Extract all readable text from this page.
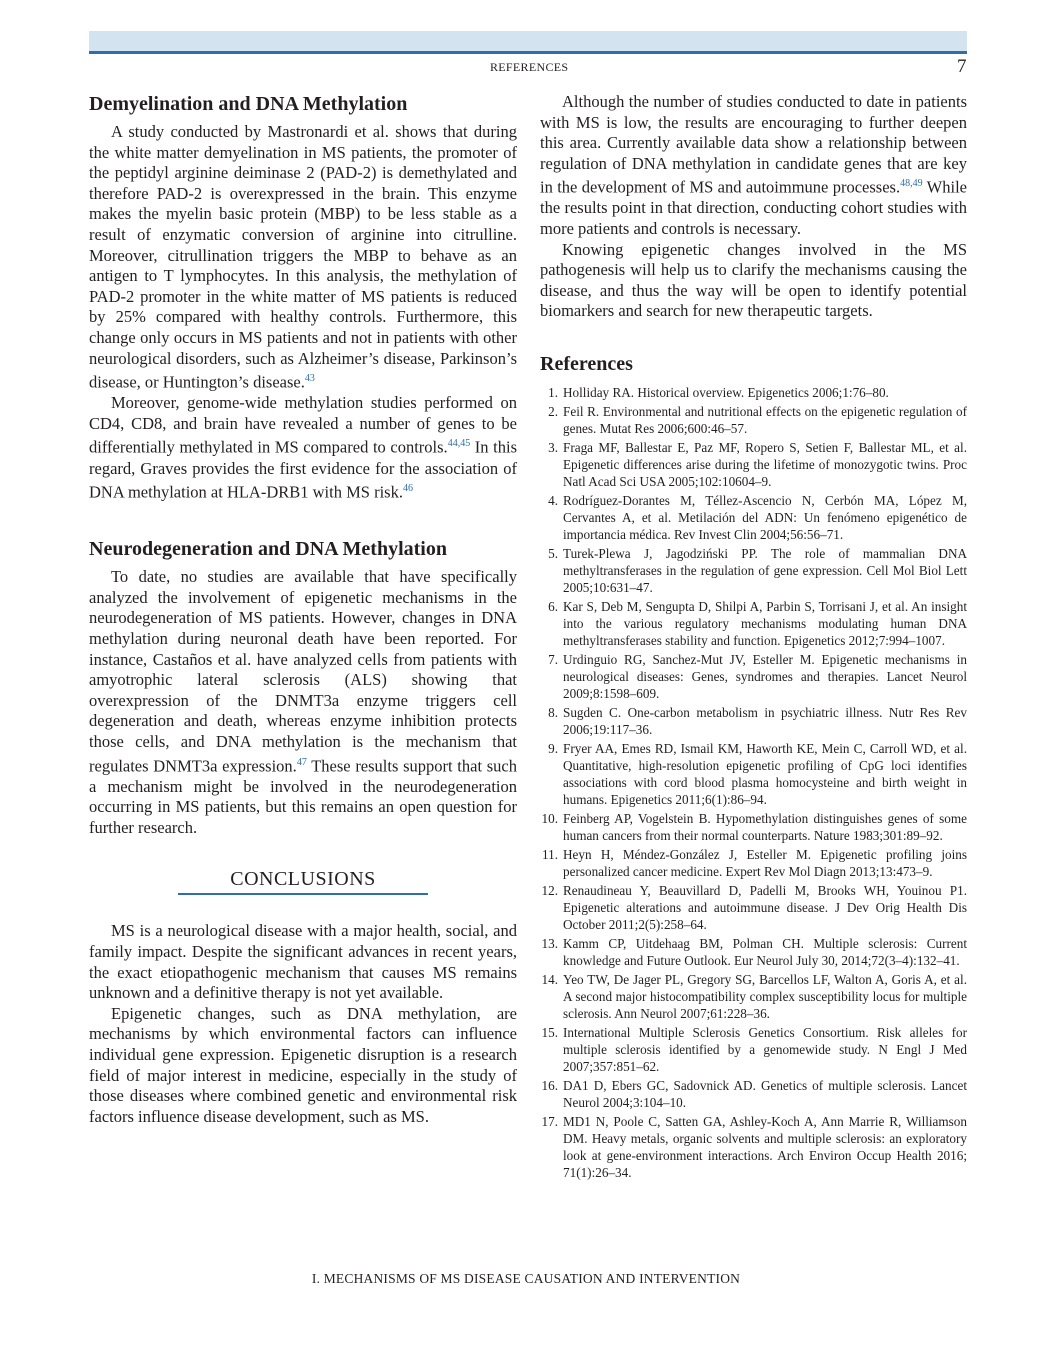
REFERENCES	7
Demyelination and DNA Methylation

A study conducted by Mastronardi et al. shows that during the white matter demyelination in MS patients, the promoter of the peptidyl arginine deiminase 2 (PAD-2) is demethylated and therefore PAD-2 is overexpressed in the brain. This enzyme makes the myelin basic protein (MBP) to be less stable as a result of enzymatic conversion of arginine into citrulline. Moreover, citrullination triggers the MBP to behave as an antigen to T lymphocytes. In this analysis, the methylation of PAD-2 promoter in the white matter of MS patients is reduced by 25% compared with healthy controls. Furthermore, this change only occurs in MS patients and not in patients with other neurological disorders, such as Alzheimer’s disease, Parkinson’s disease, or Huntington’s disease.$^{43}$

Moreover, genome-wide methylation studies performed on CD4, CD8, and brain have revealed a number of genes to be differentially methylated in MS compared to controls.$^{44,45}$ In this regard, Graves provides the first evidence for the association of DNA methylation at HLA-DRB1 with MS risk.$^{46}$

Neurodegeneration and DNA Methylation

To date, no studies are available that have specifically analyzed the involvement of epigenetic mechanisms in the neurodegeneration of MS patients. However, changes in DNA methylation during neuronal death have been reported. For instance, Castaños et al. have analyzed cells from patients with amyotrophic lateral sclerosis (ALS) showing that overexpression of the DNMT3a enzyme triggers cell degeneration and death, whereas enzyme inhibition protects those cells, and DNA methylation is the mechanism that regulates DNMT3a expression.$^{47}$ These results support that such a mechanism might be involved in the neurodegeneration occurring in MS patients, but this remains an open question for further research.

CONCLUSIONS

MS is a neurological disease with a major health, social, and family impact. Despite the significant advances in recent years, the exact etiopathogenic mechanism that causes MS remains unknown and a definitive therapy is not yet available.

Epigenetic changes, such as DNA methylation, are mechanisms by which environmental factors can influence individual gene expression. Epigenetic disruption is a research field of major interest in medicine, especially in the study of those diseases where combined genetic and environmental risk factors influence disease development, such as MS.

Although the number of studies conducted to date in patients with MS is low, the results are encouraging to further deepen this area. Currently available data show a relationship between regulation of DNA methylation in candidate genes that are key in the development of MS and autoimmune processes.$^{48,49}$ While the results point in that direction, conducting cohort studies with more patients and controls is necessary.

Knowing epigenetic changes involved in the MS pathogenesis will help us to clarify the mechanisms causing the disease, and thus the way will be open to identify potential biomarkers and search for new therapeutic targets.

References
1. Holliday RA. Historical overview. Epigenetics 2006;1:76–80.
2. Feil R. Environmental and nutritional effects on the epigenetic regulation of genes. Mutat Res 2006;600:46–57.
3. Fraga MF, Ballestar E, Paz MF, Ropero S, Setien F, Ballestar ML, et al. Epigenetic differences arise during the lifetime of monozygotic twins. Proc Natl Acad Sci USA 2005;102:10604–9.
4. Rodríguez-Dorantes M, Téllez-Ascencio N, Cerbón MA, López M, Cervantes A, et al. Metilación del ADN: Un fenómeno epigenético de importancia médica. Rev Invest Clin 2004;56:56–71.
5. Turek-Plewa J, Jagodziński PP. The role of mammalian DNA methyltransferases in the regulation of gene expression. Cell Mol Biol Lett 2005;10:631–47.
6. Kar S, Deb M, Sengupta D, Shilpi A, Parbin S, Torrisani J, et al. An insight into the various regulatory mechanisms modulating human DNA methyltransferases stability and function. Epigenetics 2012;7:994–1007.
7. Urdinguio RG, Sanchez-Mut JV, Esteller M. Epigenetic mechanisms in neurological diseases: Genes, syndromes and therapies. Lancet Neurol 2009;8:1598–609.
8. Sugden C. One-carbon metabolism in psychiatric illness. Nutr Res Rev 2006;19:117–36.
9. Fryer AA, Emes RD, Ismail KM, Haworth KE, Mein C, Carroll WD, et al. Quantitative, high-resolution epigenetic profiling of CpG loci identifies associations with cord blood plasma homocysteine and birth weight in humans. Epigenetics 2011;6(1):86–94.
10. Feinberg AP, Vogelstein B. Hypomethylation distinguishes genes of some human cancers from their normal counterparts. Nature 1983;301:89–92.
11. Heyn H, Méndez-González J, Esteller M. Epigenetic profiling joins personalized cancer medicine. Expert Rev Mol Diagn 2013;13:473–9.
12. Renaudineau Y, Beauvillard D, Padelli M, Brooks WH, Youinou P1. Epigenetic alterations and autoimmune disease. J Dev Orig Health Dis October 2011;2(5):258–64.
13. Kamm CP, Uitdehaag BM, Polman CH. Multiple sclerosis: Current knowledge and Future Outlook. Eur Neurol July 30, 2014;72(3–4):132–41.
14. Yeo TW, De Jager PL, Gregory SG, Barcellos LF, Walton A, Goris A, et al. A second major histocompatibility complex susceptibility locus for multiple sclerosis. Ann Neurol 2007;61:228–36.
15. International Multiple Sclerosis Genetics Consortium. Risk alleles for multiple sclerosis identified by a genomewide study. N Engl J Med 2007;357:851–62.
16. DA1 D, Ebers GC, Sadovnick AD. Genetics of multiple sclerosis. Lancet Neurol 2004;3:104–10.
17. MD1 N, Poole C, Satten GA, Ashley-Koch A, Ann Marrie R, Williamson DM. Heavy metals, organic solvents and multiple sclerosis: an exploratory look at gene-environment interactions. Arch Environ Occup Health 2016; 71(1):26–34.
I. MECHANISMS OF MS DISEASE CAUSATION AND INTERVENTION
